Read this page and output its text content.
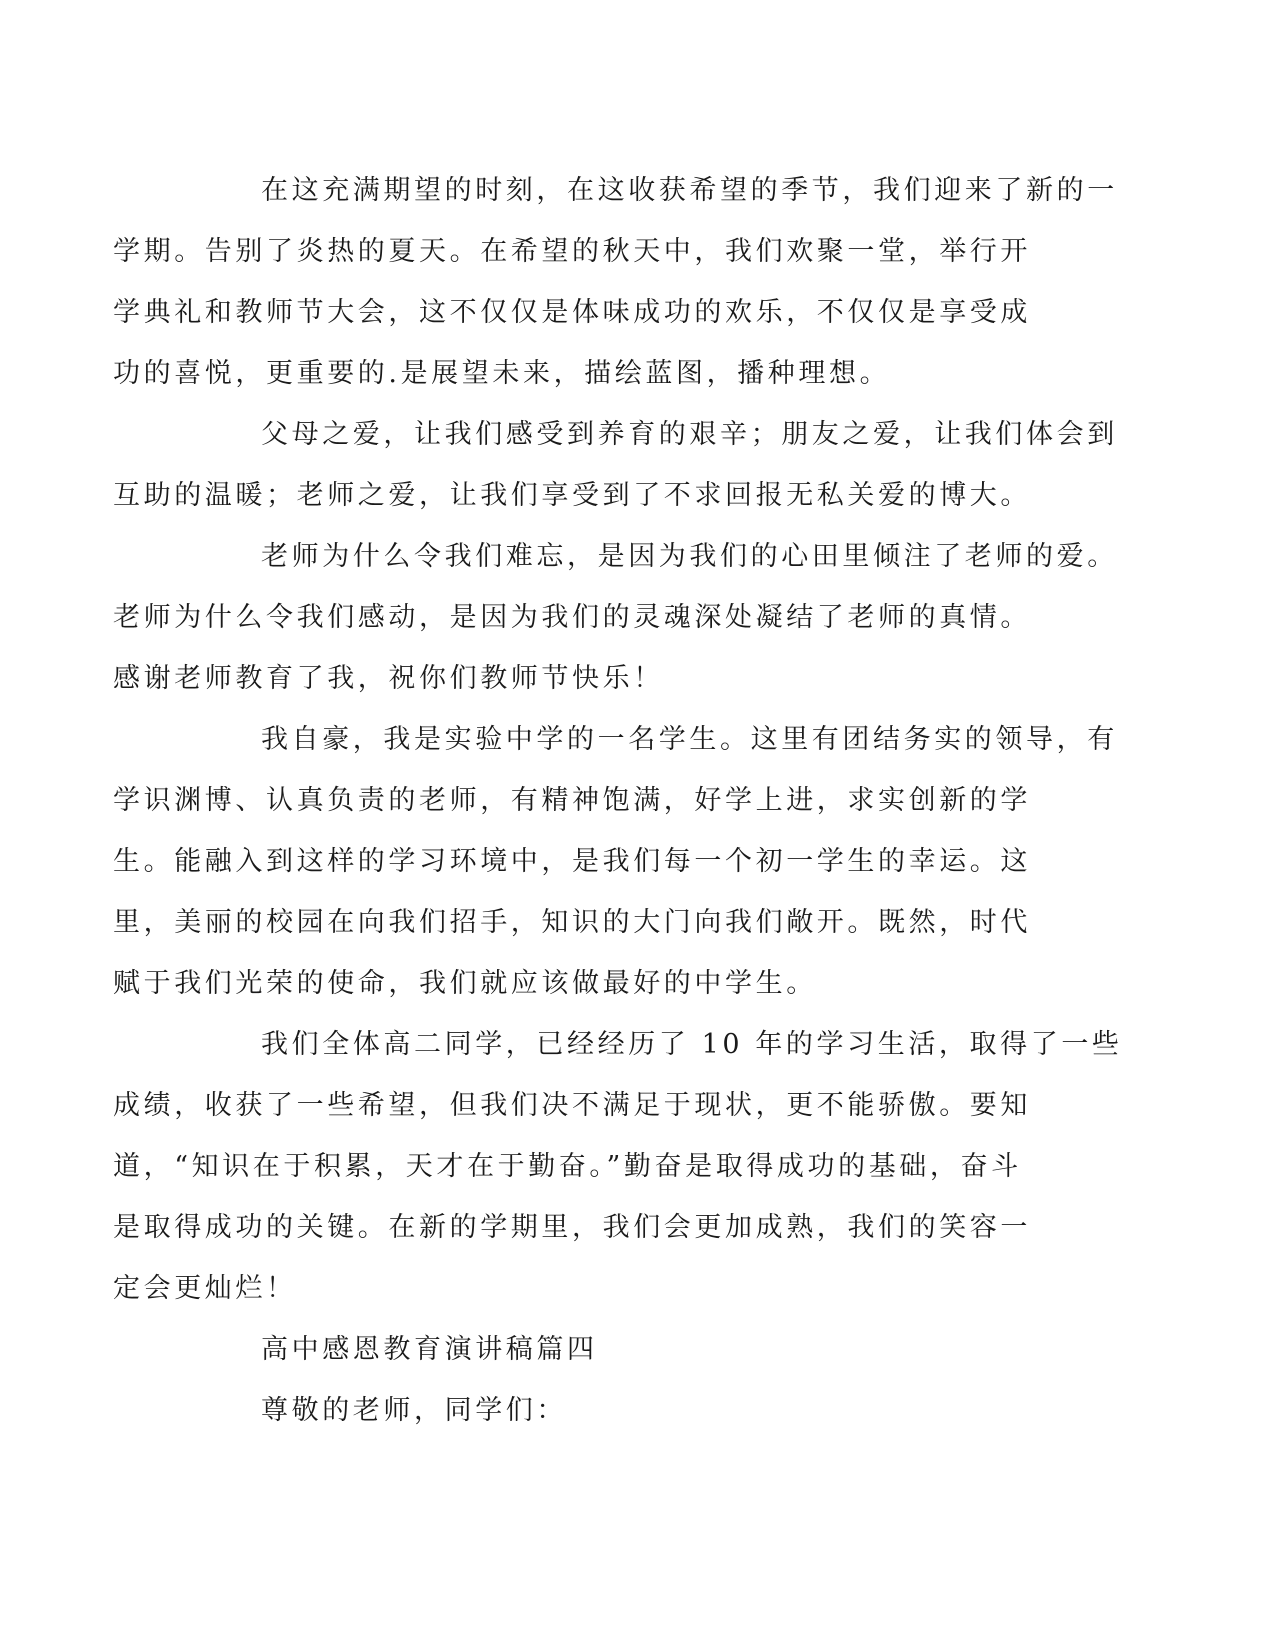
在这充满期望的时刻，在这收获希望的季节，我们迎来了新的一
学期。告别了炎热的夏天。在希望的秋天中，我们欢聚一堂，举行开
学典礼和教师节大会，这不仅仅是体味成功的欢乐，不仅仅是享受成
功的喜悦，更重要的.是展望未来，描绘蓝图，播种理想。

父母之爱，让我们感受到养育的艰辛；朋友之爱，让我们体会到
互助的温暖；老师之爱，让我们享受到了不求回报无私关爱的博大。

老师为什么令我们难忘，是因为我们的心田里倾注了老师的爱。
老师为什么令我们感动，是因为我们的灵魂深处凝结了老师的真情。
感谢老师教育了我，祝你们教师节快乐！

我自豪，我是实验中学的一名学生。这里有团结务实的领导，有
学识渊博、认真负责的老师，有精神饱满，好学上进，求实创新的学
生。能融入到这样的学习环境中，是我们每一个初一学生的幸运。这
里，美丽的校园在向我们招手，知识的大门向我们敞开。既然，时代
赋于我们光荣的使命，我们就应该做最好的中学生。

我们全体高二同学，已经经历了 10 年的学习生活，取得了一些
成绩，收获了一些希望，但我们决不满足于现状，更不能骄傲。要知
道，“知识在于积累，天才在于勤奋。”勤奋是取得成功的基础，奋斗
是取得成功的关键。在新的学期里，我们会更加成熟，我们的笑容一
定会更灿烂！

高中感恩教育演讲稿篇四

尊敬的老师，同学们：
